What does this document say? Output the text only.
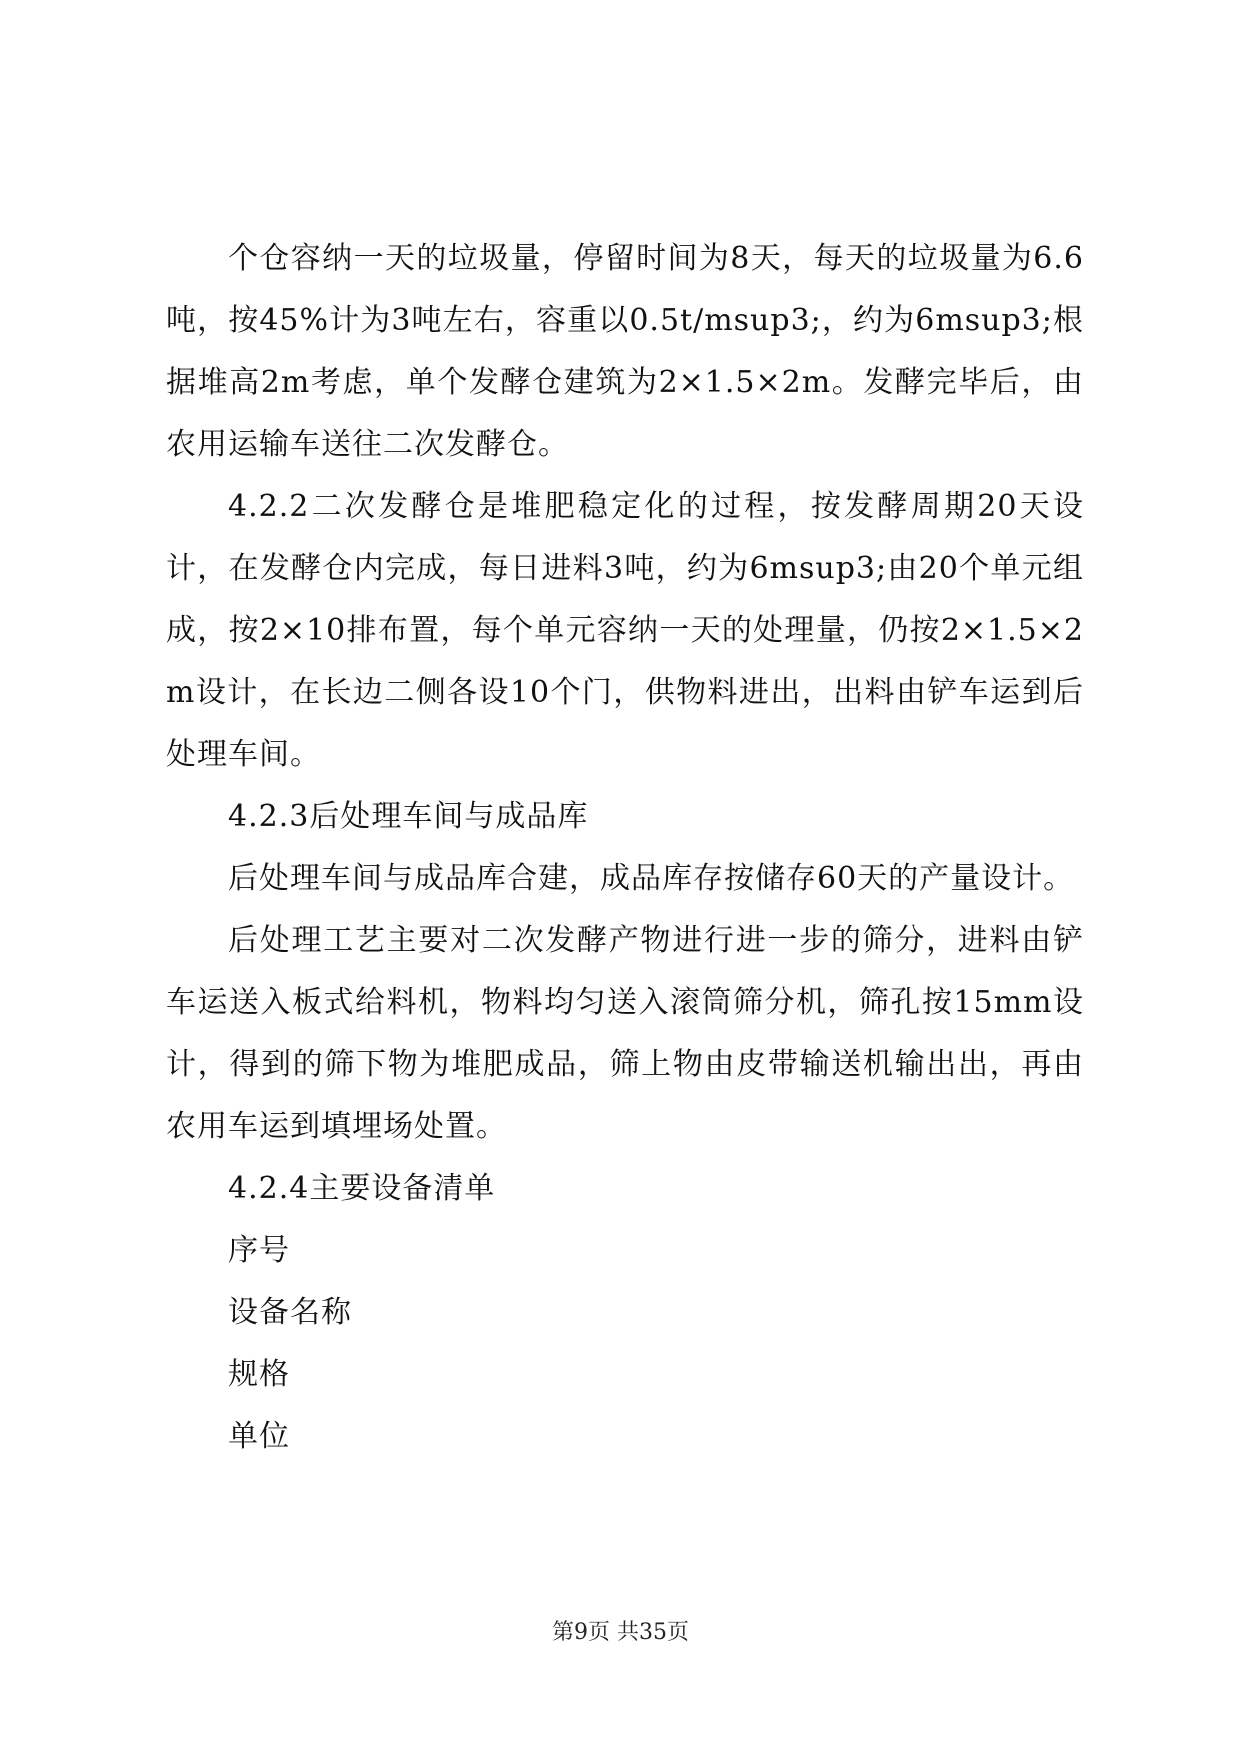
个仓容纳一天的垃圾量，停留时间为8天，每天的垃圾量为6.6吨，按45%计为3吨左右，容重以0.5t/msup3;，约为6msup3;根据堆高2m考虑，单个发酵仓建筑为2×1.5×2m。发酵完毕后，由农用运输车送往二次发酵仓。

4.2.2二次发酵仓是堆肥稳定化的过程，按发酵周期20天设计，在发酵仓内完成，每日进料3吨，约为6msup3;由20个单元组成，按2×10排布置，每个单元容纳一天的处理量，仍按2×1.5×2m设计，在长边二侧各设10个门，供物料进出，出料由铲车运到后处理车间。

4.2.3后处理车间与成品库

后处理车间与成品库合建，成品库存按储存60天的产量设计。

后处理工艺主要对二次发酵产物进行进一步的筛分，进料由铲车运送入板式给料机，物料均匀送入滚筒筛分机，筛孔按15mm设计，得到的筛下物为堆肥成品，筛上物由皮带输送机输出出，再由农用车运到填埋场处置。

4.2.4主要设备清单

序号

设备名称

规格

单位

第9页 共35页
